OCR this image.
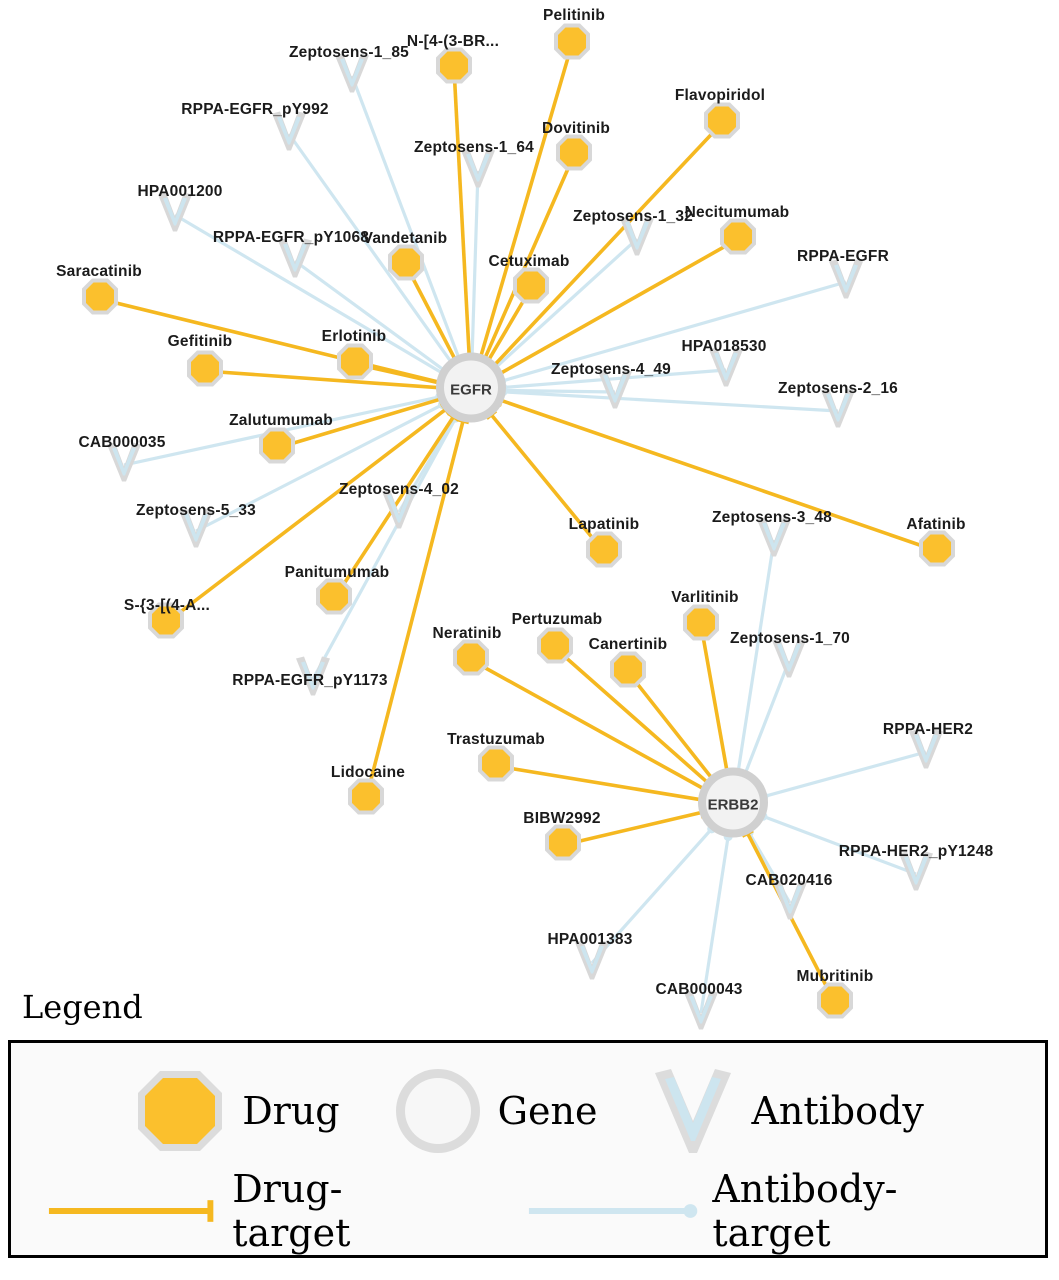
Zeptosens-1_85
RPPA-EGFR_pY992
Zeptosens-1_64
HPA001200
Zeptosens-1_32
RPPA-EGFR_pY1068
RPPA-EGFR
HPA018530
Zeptosens-4_49
Zeptosens-2_16
CAB000035
Zeptosens-4_02
Zeptosens-5_33	Zeptosens-3_48
Zeptosens-1_70
RPPA-EGFR_pY1173
RPPA-HER2
RPPA-HER2_pY1248
CAB020416
HPA001383
CAB000043
Pelitinib
N-[4-(3-BR...
Flavopiridol
Dovitinib
Necitumumab
Vandetanib
Cetuximab
Saracatinib
Erlotinib
Gefitinib
Zalutumumab
Afatinib
Lapatinib
Panitumumab
S-{3-[(4-A...	Varlitinib
Pertuzumab
Neratinib
Canertinib
Trastuzumab
Lidocaine
BIBW2992
Mubritinib
EGFR
ERBB2
Legend
Drug	Gene	Antibody
Drug-target
Antibody-target
